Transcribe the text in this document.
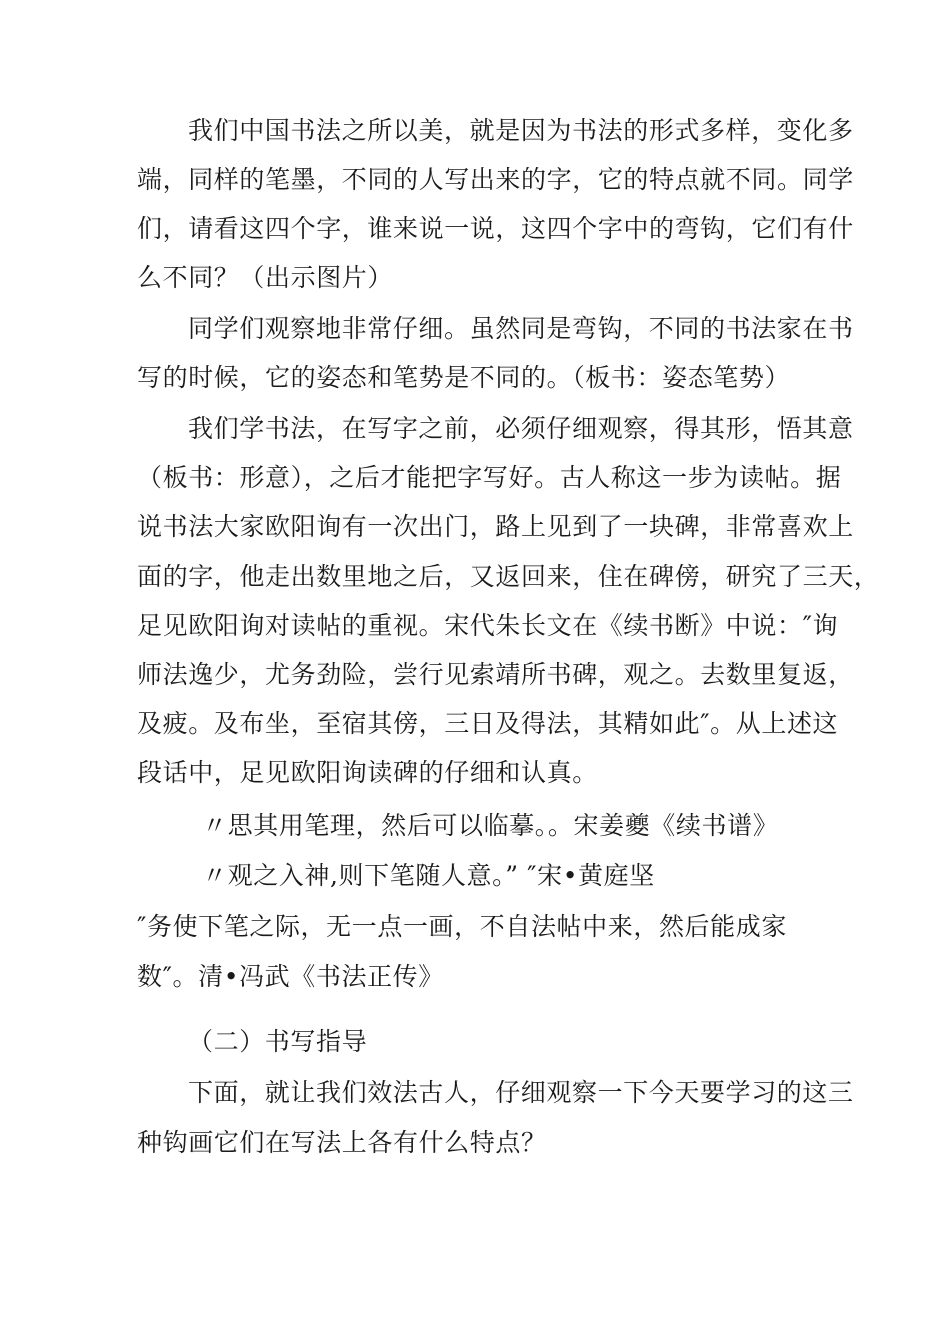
我们中国书法之所以美，就是因为书法的形式多样，变化多
端，同样的笔墨，不同的人写出来的字，它的特点就不同。同学
们，请看这四个字，谁来说一说，这四个字中的弯钩，它们有什
么不同？（出示图片）
同学们观察地非常仔细。虽然同是弯钩，不同的书法家在书
写的时候，它的姿态和笔势是不同的。（板书：姿态笔势）
我们学书法，在写字之前，必须仔细观察，得其形，悟其意
（板书：形意），之后才能把字写好。古人称这一步为读帖。据
说书法大家欧阳询有一次出门，路上见到了一块碑，非常喜欢上
面的字，他走出数里地之后，又返回来，住在碑傍，研究了三天，
足见欧阳询对读帖的重视。宋代朱长文在《续书断》中说：″询
师法逸少，尤务劲险，尝行见索靖所书碑，观之。去数里复返，
及疲。及布坐，至宿其傍，三日及得法，其精如此″。从上述这
段话中，足见欧阳询读碑的仔细和认真。
〃思其用笔理，然后可以临摹。。宋姜夔《续书谱》
〃观之入神,则下笔随人意。” ″宋•黄庭坚
″务使下笔之际，无一点一画，不自法帖中来，然后能成家
数″。清•冯武《书法正传》
（二）书写指导
下面，就让我们效法古人，仔细观察一下今天要学习的这三
种钩画它们在写法上各有什么特点？
